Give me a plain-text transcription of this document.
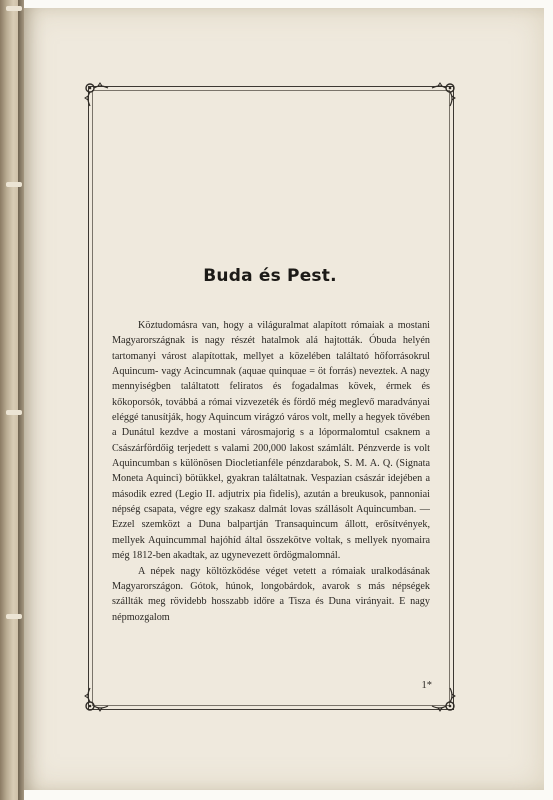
Buda és Pest.

Köztudomásra van, hogy a világuralmat alapított rómaiak a mostani Magyarországnak is nagy részét hatalmok alá hajtották. Óbuda helyén tartomanyi várost alapítottak, mellyet a közelében találtató hőforrásokrul Aquincum- vagy Acincumnak (aquae quinquae = öt forrás) neveztek. A nagy mennyiségben találtatott feliratos és fogadalmas kövek, érmek és kőkoporsók, továbbá a római vizvezeték és fördő még meglevő maradványai eléggé tanusítják, hogy Aquincum virágzó város volt, melly a hegyek tövében a Dunátul kezdve a mostani városmajorig s a lópormalomtul csaknem a Császárfördőig terjedett s valami 200,000 lakost számlált. Pénzverde is volt Aquincumban s különösen Diocletianféle pénzdarabok, S. M. A. Q. (Signata Moneta Aquinci) bötükkel, gyakran találtatnak. Vespazian császár idejében a második ezred (Legio II. adjutrix pia fidelis), azután a breukusok, pannoniai népség csapata, végre egy szakasz dalmát lovas szállásolt Aquincumban. — Ezzel szemközt a Duna balpartján Transaquincum állott, erősítvények, mellyek Aquincummal hajóhíd által összekötve voltak, s mellyek nyomaira még 1812-ben akadtak, az ugynevezett ördögmalomnál.

A népek nagy költözködése véget vetett a rómaiak uralkodásának Magyarországon. Gótok, húnok, longobárdok, avarok s más népségek szállták meg rövidebb hosszabb időre a Tisza és Duna virányait. E nagy népmozgalom

1*
